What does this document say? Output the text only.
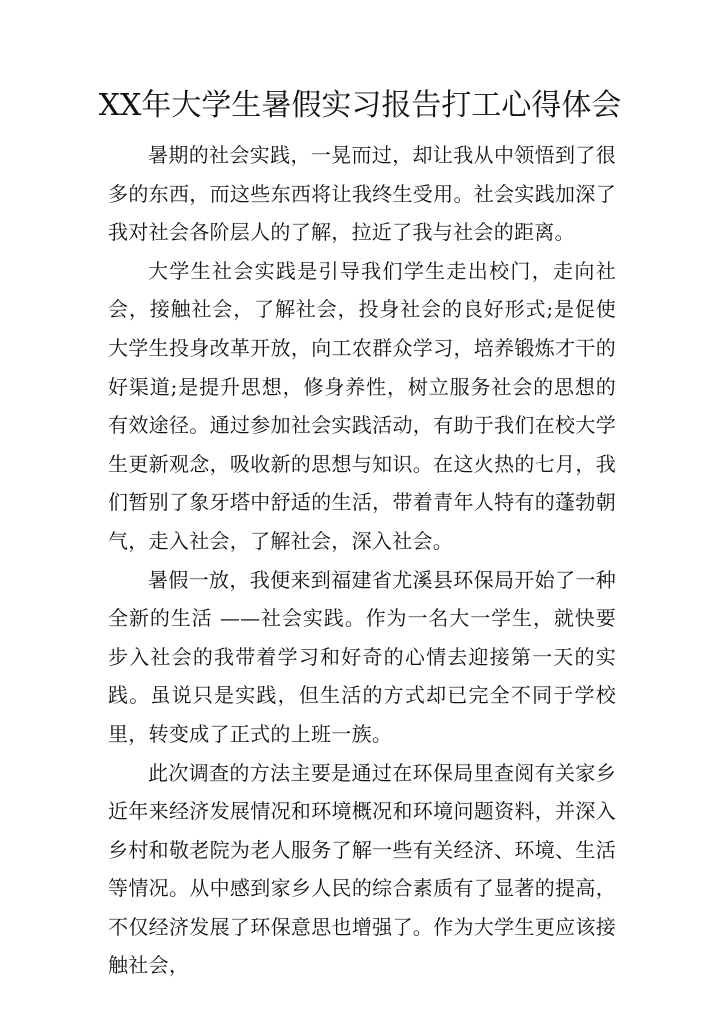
XX年大学生暑假实习报告打工心得体会

暑期的社会实践，一晃而过，却让我从中领悟到了很多的东西，而这些东西将让我终生受用。社会实践加深了我对社会各阶层人的了解，拉近了我与社会的距离。

大学生社会实践是引导我们学生走出校门，走向社会，接触社会，了解社会，投身社会的良好形式;是促使大学生投身改革开放，向工农群众学习，培养锻炼才干的好渠道;是提升思想，修身养性，树立服务社会的思想的有效途径。通过参加社会实践活动，有助于我们在校大学生更新观念，吸收新的思想与知识。在这火热的七月，我们暂别了象牙塔中舒适的生活，带着青年人特有的蓬勃朝气，走入社会，了解社会，深入社会。

暑假一放，我便来到福建省尤溪县环保局开始了一种全新的生活 ——社会实践。作为一名大一学生，就快要步入社会的我带着学习和好奇的心情去迎接第一天的实践。虽说只是实践，但生活的方式却已完全不同于学校里，转变成了正式的上班一族。

此次调查的方法主要是通过在环保局里查阅有关家乡近年来经济发展情况和环境概况和环境问题资料，并深入乡村和敬老院为老人服务了解一些有关经济、环境、生活等情况。从中感到家乡人民的综合素质有了显著的提高，不仅经济发展了环保意思也增强了。作为大学生更应该接触社会，
